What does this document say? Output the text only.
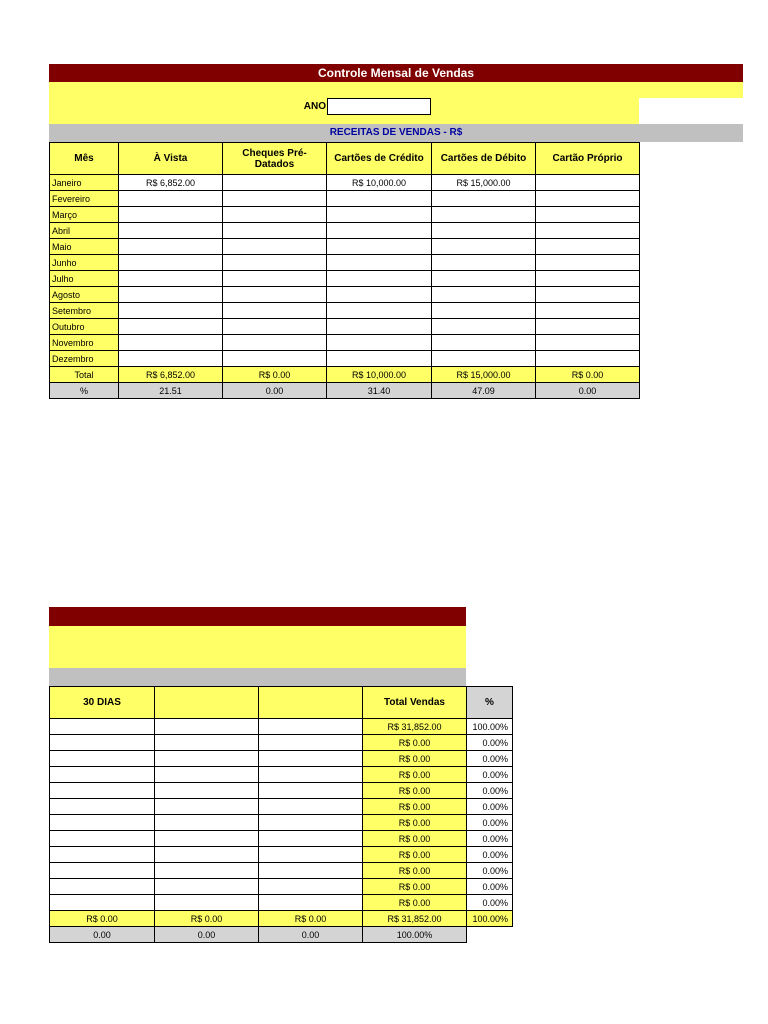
Controle Mensal de Vendas
ANO
RECEITAS DE VENDAS - R$
Mês	À Vista	Cheques Pré-Datados	Cartões de Crédito	Cartões de Débito	Cartão Próprio
Janeiro	R$ 6,852.00		R$ 10,000.00	R$ 15,000.00	
Fevereiro					
Março					
Abril					
Maio					
Junho					
Julho					
Agosto					
Setembro					
Outubro					
Novembro					
Dezembro					
Total	R$ 6,852.00	R$ 0.00	R$ 10,000.00	R$ 15,000.00	R$ 0.00
%	21.51	0.00	31.40	47.09	0.00
30 DIAS			Total Vendas	%
			R$ 31,852.00	100.00%
			R$ 0.00	0.00%
			R$ 0.00	0.00%
			R$ 0.00	0.00%
			R$ 0.00	0.00%
			R$ 0.00	0.00%
			R$ 0.00	0.00%
			R$ 0.00	0.00%
			R$ 0.00	0.00%
			R$ 0.00	0.00%
			R$ 0.00	0.00%
			R$ 0.00	0.00%
R$ 0.00	R$ 0.00	R$ 0.00	R$ 31,852.00	100.00%
0.00	0.00	0.00	100.00%	
